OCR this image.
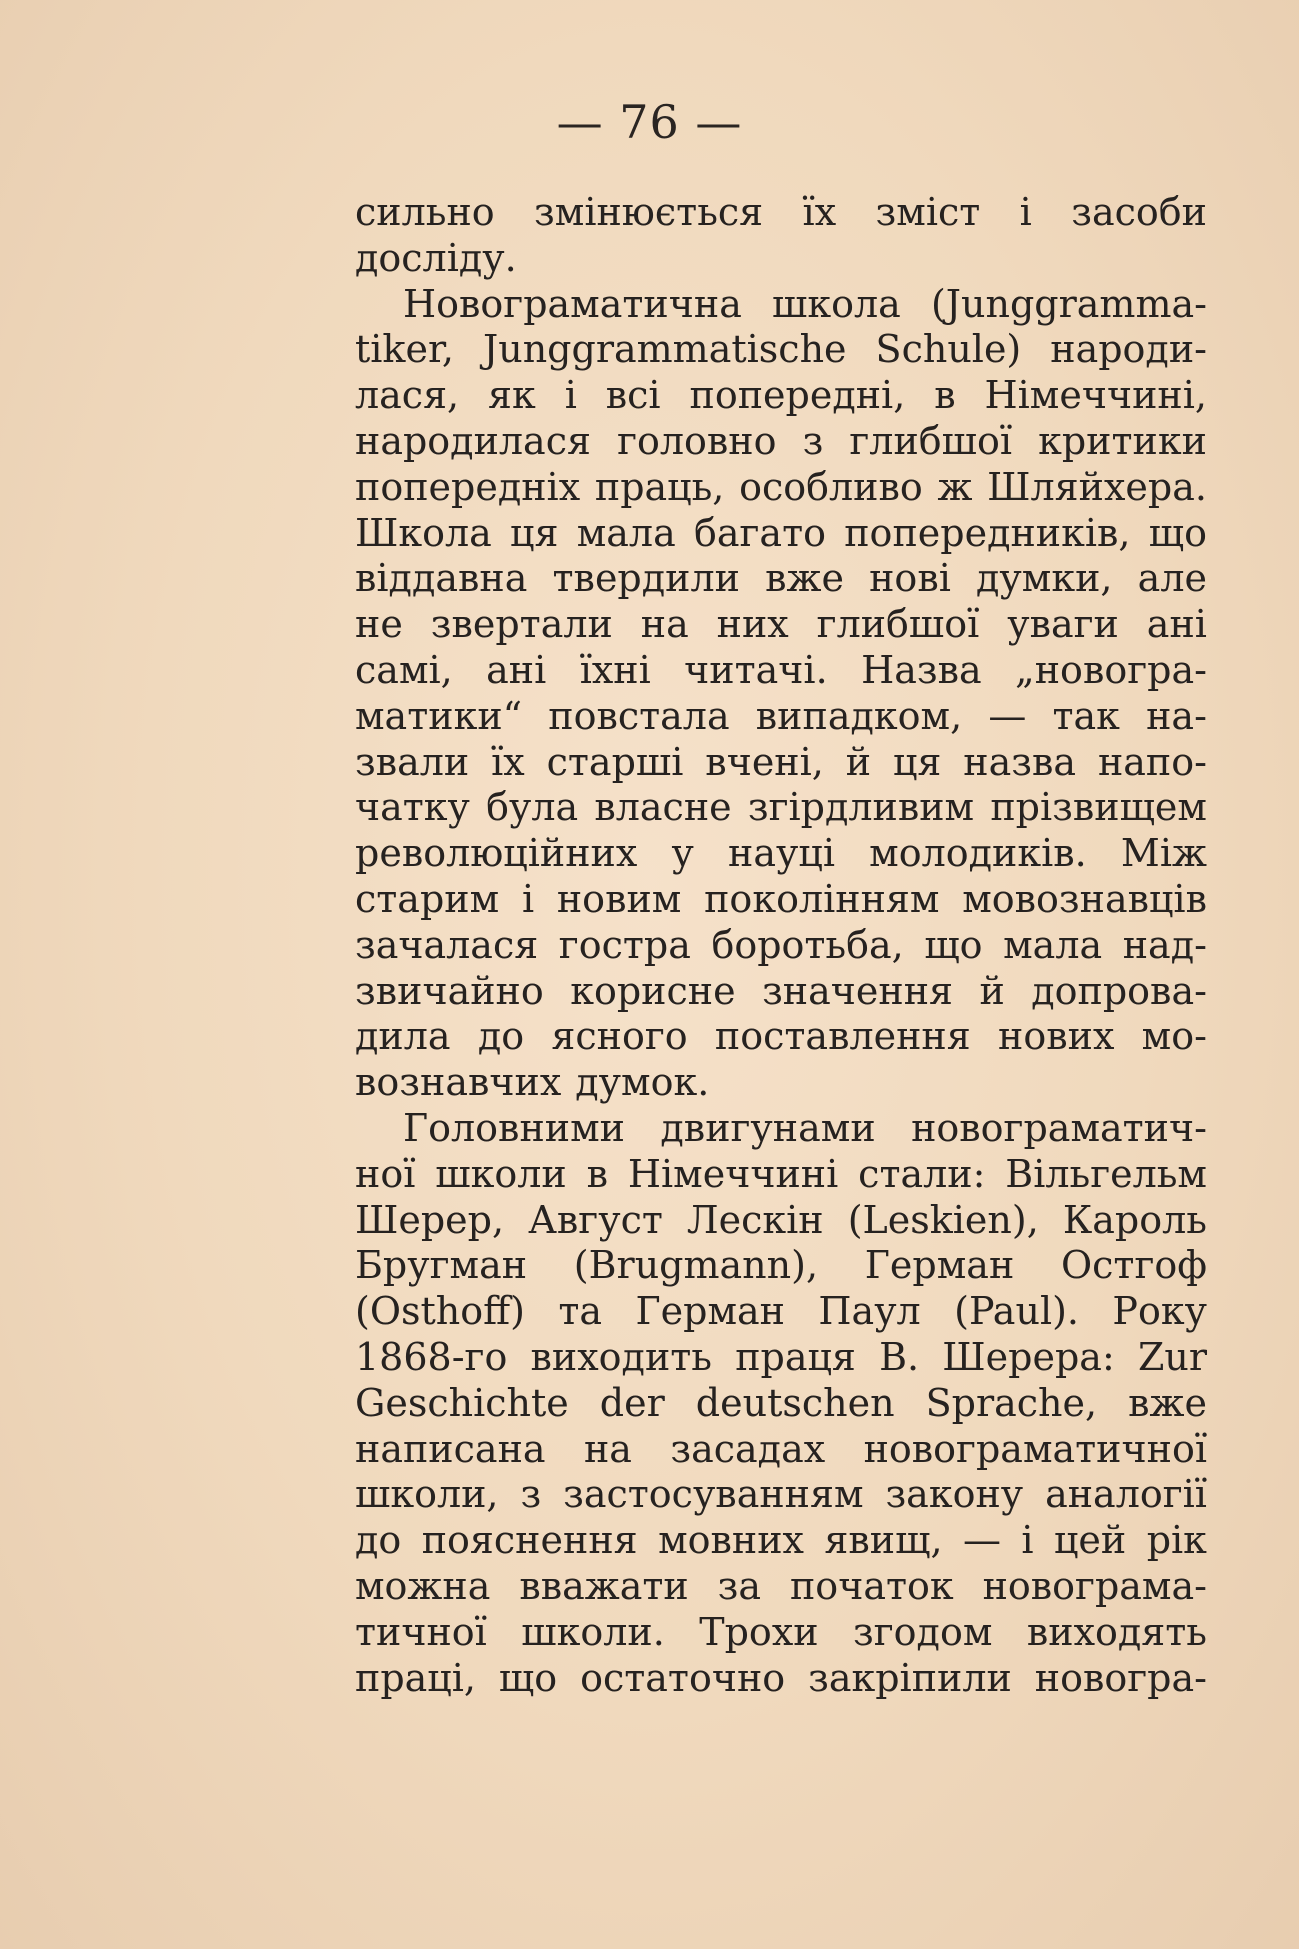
— 76 —
сильно змінюється їх зміст і засоби
досліду.
Новограматична школа (Junggramma-
tiker, Junggrammatische Schule) народи-
лася, як і всі попередні, в Німеччині,
народилася головно з глибшої критики
попередніх праць, особливо ж Шляйхера.
Школа ця мала багато попередників, що
віддавна твердили вже нові думки, але
не звертали на них глибшої уваги ані
самі, ані їхні читачі. Назва „новогра-
матики“ повстала випадком, — так на-
звали їх старші вчені, й ця назва напо-
чатку була власне згірдливим прізвищем
революційних у науці молодиків. Між
старим і новим поколінням мовознавців
зачалася гостра боротьба, що мала над-
звичайно корисне значення й допрова-
дила до ясного поставлення нових мо-
вознавчих думок.
Головними двигунами новограматич-
ної школи в Німеччині стали: Вільгельм
Шерер, Август Лескін (Leskien), Кароль
Бругман (Brugmann), Герман Остгоф
(Osthoff) та Герман Паул (Paul). Року
1868-го виходить праця В. Шерера: Zur
Geschichte der deutschen Sprache, вже
написана на засадах новограматичної
школи, з застосуванням закону аналогії
до пояснення мовних явищ, — і цей рік
можна вважати за початок новограма-
тичної школи. Трохи згодом виходять
праці, що остаточно закріпили новогра-
